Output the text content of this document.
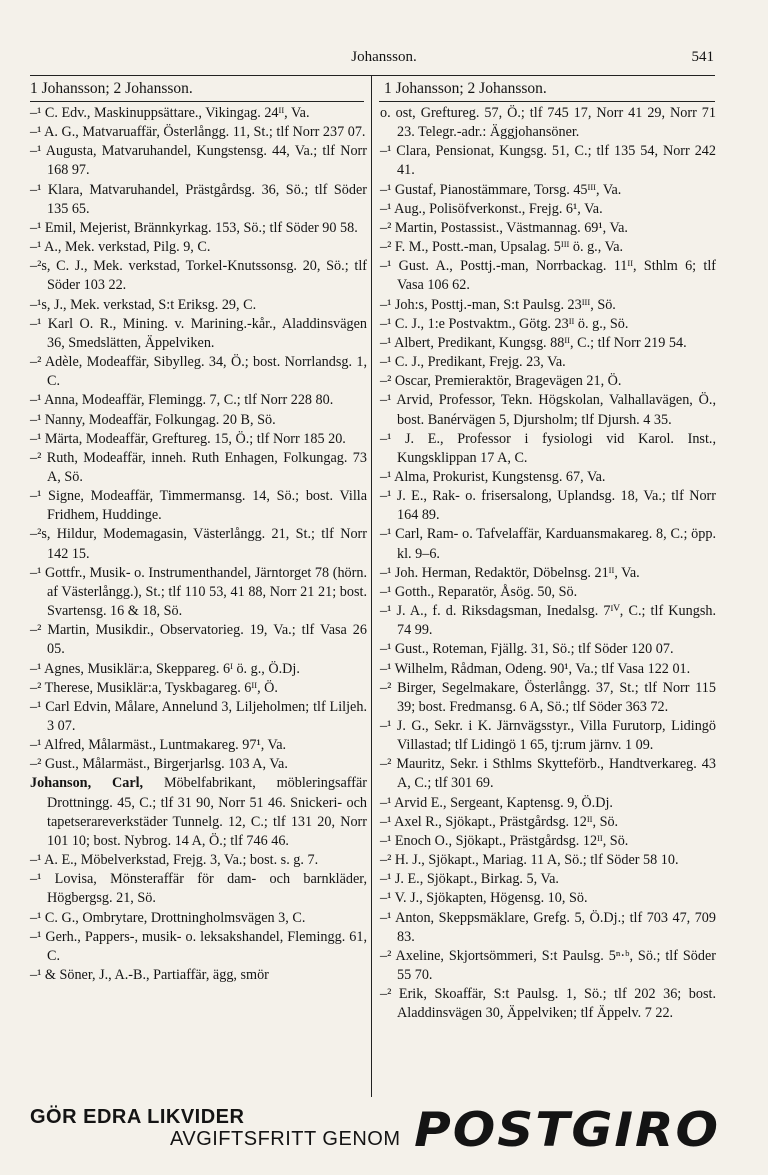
Johansson.	541
1 Johansson; 2 Johansson.	1 Johansson; 2 Johansson.

–¹ C. Edv., Maskinuppsättare., Vikingag. 24ᴵᴵ, Va.

–¹ A. G., Matvaruaffär, Österlångg. 11, St.; tlf Norr 237 07.

–¹ Augusta, Matvaruhandel, Kungstensg. 44, Va.; tlf Norr 168 97.

–¹ Klara, Matvaruhandel, Prästgårdsg. 36, Sö.; tlf Söder 135 65.

–¹ Emil, Mejerist, Brännkyrkag. 153, Sö.; tlf Söder 90 58.

–¹ A., Mek. verkstad, Pilg. 9, C.

–²s, C. J., Mek. verkstad, Torkel-Knutssonsg. 20, Sö.; tlf Söder 103 22.

–¹s, J., Mek. verkstad, S:t Eriksg. 29, C.

–¹ Karl O. R., Mining. v. Marining.-kår., Aladdinsvägen 36, Smedslätten, Äppelviken.

–² Adèle, Modeaffär, Sibylleg. 34, Ö.; bost. Norrlandsg. 1, C.

–¹ Anna, Modeaffär, Flemingg. 7, C.; tlf Norr 228 80.

–¹ Nanny, Modeaffär, Folkungag. 20 B, Sö.

–¹ Märta, Modeaffär, Greftureg. 15, Ö.; tlf Norr 185 20.

–² Ruth, Modeaffär, inneh. Ruth Enhagen, Folkungag. 73 A, Sö.

–¹ Signe, Modeaffär, Timmermansg. 14, Sö.; bost. Villa Fridhem, Huddinge.

–²s, Hildur, Modemagasin, Västerlångg. 21, St.; tlf Norr 142 15.

–¹ Gottfr., Musik- o. Instrumenthandel, Järntorget 78 (hörn. af Västerlångg.), St.; tlf 110 53, 41 88, Norr 21 21; bost. Svartensg. 16 & 18, Sö.

–² Martin, Musikdir., Observatorieg. 19, Va.; tlf Vasa 26 05.

–¹ Agnes, Musiklär:a, Skeppareg. 6ᴵ ö. g., Ö.Dj.

–² Therese, Musiklär:a, Tyskbagareg. 6ᴵᴵ, Ö.

–¹ Carl Edvin, Målare, Annelund 3, Liljeholmen; tlf Liljeh. 3 07.

–¹ Alfred, Målarmäst., Luntmakareg. 97¹, Va.

–² Gust., Målarmäst., Birgerjarlsg. 103 A, Va.

Johanson, Carl, Möbelfabrikant, möbleringsaffär Drottningg. 45, C.; tlf 31 90, Norr 51 46. Snickeri- och tapetserareverkstäder Tunnelg. 12, C.; tlf 131 20, Norr 101 10; bost. Nybrog. 14 A, Ö.; tlf 746 46.

–¹ A. E., Möbelverkstad, Frejg. 3, Va.; bost. s. g. 7.

–¹ Lovisa, Mönsteraffär för dam- och barnkläder, Högbergsg. 21, Sö.

–¹ C. G., Ombrytare, Drottningholmsvägen 3, C.

–¹ Gerh., Pappers-, musik- o. leksakshandel, Flemingg. 61, C.

–¹ & Söner, J., A.-B., Partiaffär, ägg, smör

o. ost, Greftureg. 57, Ö.; tlf 745 17, Norr 41 29, Norr 71 23. Telegr.-adr.: Äggjohansöner.

–¹ Clara, Pensionat, Kungsg. 51, C.; tlf 135 54, Norr 242 41.

–¹ Gustaf, Pianostämmare, Torsg. 45ᴵᴵᴵ, Va.

–¹ Aug., Polisöfverkonst., Frejg. 6¹, Va.

–² Martin, Postassist., Västmannag. 69¹, Va.

–² F. M., Postt.-man, Upsalag. 5ᴵᴵᴵ ö. g., Va.

–¹ Gust. A., Posttj.-man, Norrbackag. 11ᴵᴵ, Sthlm 6; tlf Vasa 106 62.

–¹ Joh:s, Posttj.-man, S:t Paulsg. 23ᴵᴵᴵ, Sö.

–¹ C. J., 1:e Postvaktm., Götg. 23ᴵᴵ ö. g., Sö.

–¹ Albert, Predikant, Kungsg. 88ᴵᴵ, C.; tlf Norr 219 54.

–¹ C. J., Predikant, Frejg. 23, Va.

–² Oscar, Premieraktör, Bragevägen 21, Ö.

–¹ Arvid, Professor, Tekn. Högskolan, Valhallavägen, Ö., bost. Banérvägen 5, Djursholm; tlf Djursh. 4 35.

–¹ J. E., Professor i fysiologi vid Karol. Inst., Kungsklippan 17 A, C.

–¹ Alma, Prokurist, Kungstensg. 67, Va.

–¹ J. E., Rak- o. frisersalong, Uplandsg. 18, Va.; tlf Norr 164 89.

–¹ Carl, Ram- o. Tafvelaffär, Karduansmakareg. 8, C.; öpp. kl. 9–6.

–¹ Joh. Herman, Redaktör, Döbelnsg. 21ᴵᴵ, Va.

–¹ Gotth., Reparatör, Åsög. 50, Sö.

–¹ J. A., f. d. Riksdagsman, Inedalsg. 7ᴵⱽ, C.; tlf Kungsh. 74 99.

–¹ Gust., Roteman, Fjällg. 31, Sö.; tlf Söder 120 07.

–¹ Wilhelm, Rådman, Odeng. 90¹, Va.; tlf Vasa 122 01.

–² Birger, Segelmakare, Österlångg. 37, St.; tlf Norr 115 39; bost. Fredmansg. 6 A, Sö.; tlf Söder 363 72.

–¹ J. G., Sekr. i K. Järnvägsstyr., Villa Furutorp, Lidingö Villastad; tlf Lidingö 1 65, tj:rum järnv. 1 09.

–² Mauritz, Sekr. i Sthlms Skytteförb., Handtverkareg. 43 A, C.; tlf 301 69.

–¹ Arvid E., Sergeant, Kaptensg. 9, Ö.Dj.

–¹ Axel R., Sjökapt., Prästgårdsg. 12ᴵᴵ, Sö.

–¹ Enoch O., Sjökapt., Prästgårdsg. 12ᴵᴵ, Sö.

–² H. J., Sjökapt., Mariag. 11 A, Sö.; tlf Söder 58 10.

–¹ J. E., Sjökapt., Birkag. 5, Va.

–¹ V. J., Sjökapten, Högensg. 10, Sö.

–¹ Anton, Skeppsmäklare, Grefg. 5, Ö.Dj.; tlf 703 47, 709 83.

–² Axeline, Skjortsömmeri, S:t Paulsg. 5ⁿ·ᵇ, Sö.; tlf Söder 55 70.

–² Erik, Skoaffär, S:t Paulsg. 1, Sö.; tlf 202 36; bost. Aladdinsvägen 30, Äppelviken; tlf Äppelv. 7 22.

GÖR EDRA LIKVIDER
AVGIFTSFRITT GENOM POSTGIRO
